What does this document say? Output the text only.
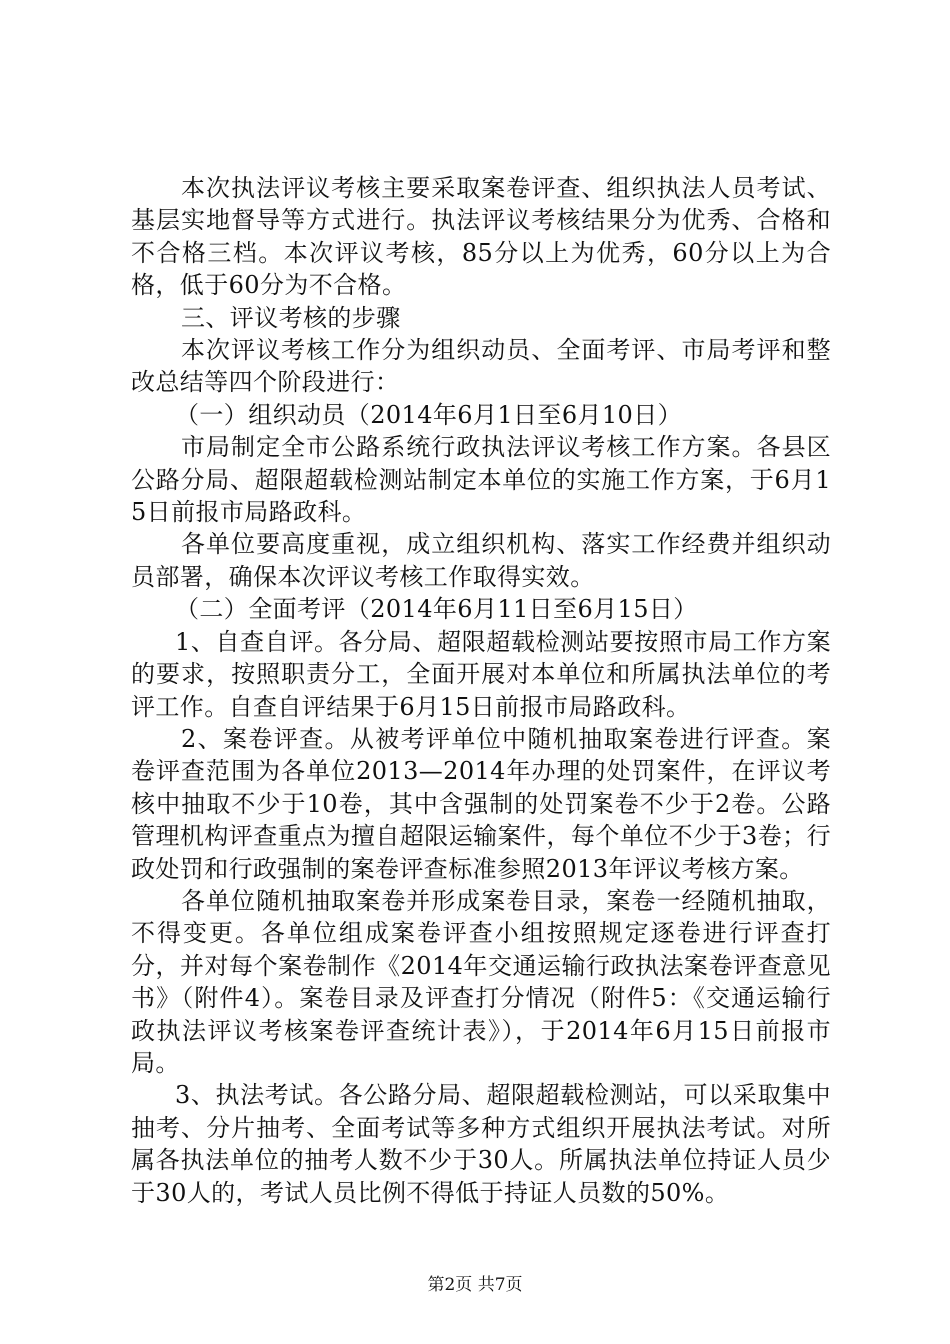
本次执法评议考核主要采取案卷评查、组织执法人员考试、基层实地督导等方式进行。执法评议考核结果分为优秀、合格和不合格三档。本次评议考核，85分以上为优秀，60分以上为合格，低于60分为不合格。

三、评议考核的步骤

本次评议考核工作分为组织动员、全面考评、市局考评和整改总结等四个阶段进行：

（一）组织动员（2014年6月1日至6月10日）

市局制定全市公路系统行政执法评议考核工作方案。各县区公路分局、超限超载检测站制定本单位的实施工作方案，于6月15日前报市局路政科。

各单位要高度重视，成立组织机构、落实工作经费并组织动员部署，确保本次评议考核工作取得实效。

（二）全面考评（2014年6月11日至6月15日）

1、自查自评。各分局、超限超载检测站要按照市局工作方案的要求，按照职责分工，全面开展对本单位和所属执法单位的考评工作。自查自评结果于6月15日前报市局路政科。

2、案卷评查。从被考评单位中随机抽取案卷进行评查。案卷评查范围为各单位2013—2014年办理的处罚案件，在评议考核中抽取不少于10卷，其中含强制的处罚案卷不少于2卷。公路管理机构评查重点为擅自超限运输案件，每个单位不少于3卷；行政处罚和行政强制的案卷评查标准参照2013年评议考核方案。

各单位随机抽取案卷并形成案卷目录，案卷一经随机抽取，不得变更。各单位组成案卷评查小组按照规定逐卷进行评查打分，并对每个案卷制作《2014年交通运输行政执法案卷评查意见书》（附件4）。案卷目录及评查打分情况（附件5：《交通运输行政执法评议考核案卷评查统计表》），于2014年6月15日前报市局。

3、执法考试。各公路分局、超限超载检测站，可以采取集中抽考、分片抽考、全面考试等多种方式组织开展执法考试。对所属各执法单位的抽考人数不少于30人。所属执法单位持证人员少于30人的，考试人员比例不得低于持证人员数的50%。

第2页 共7页
